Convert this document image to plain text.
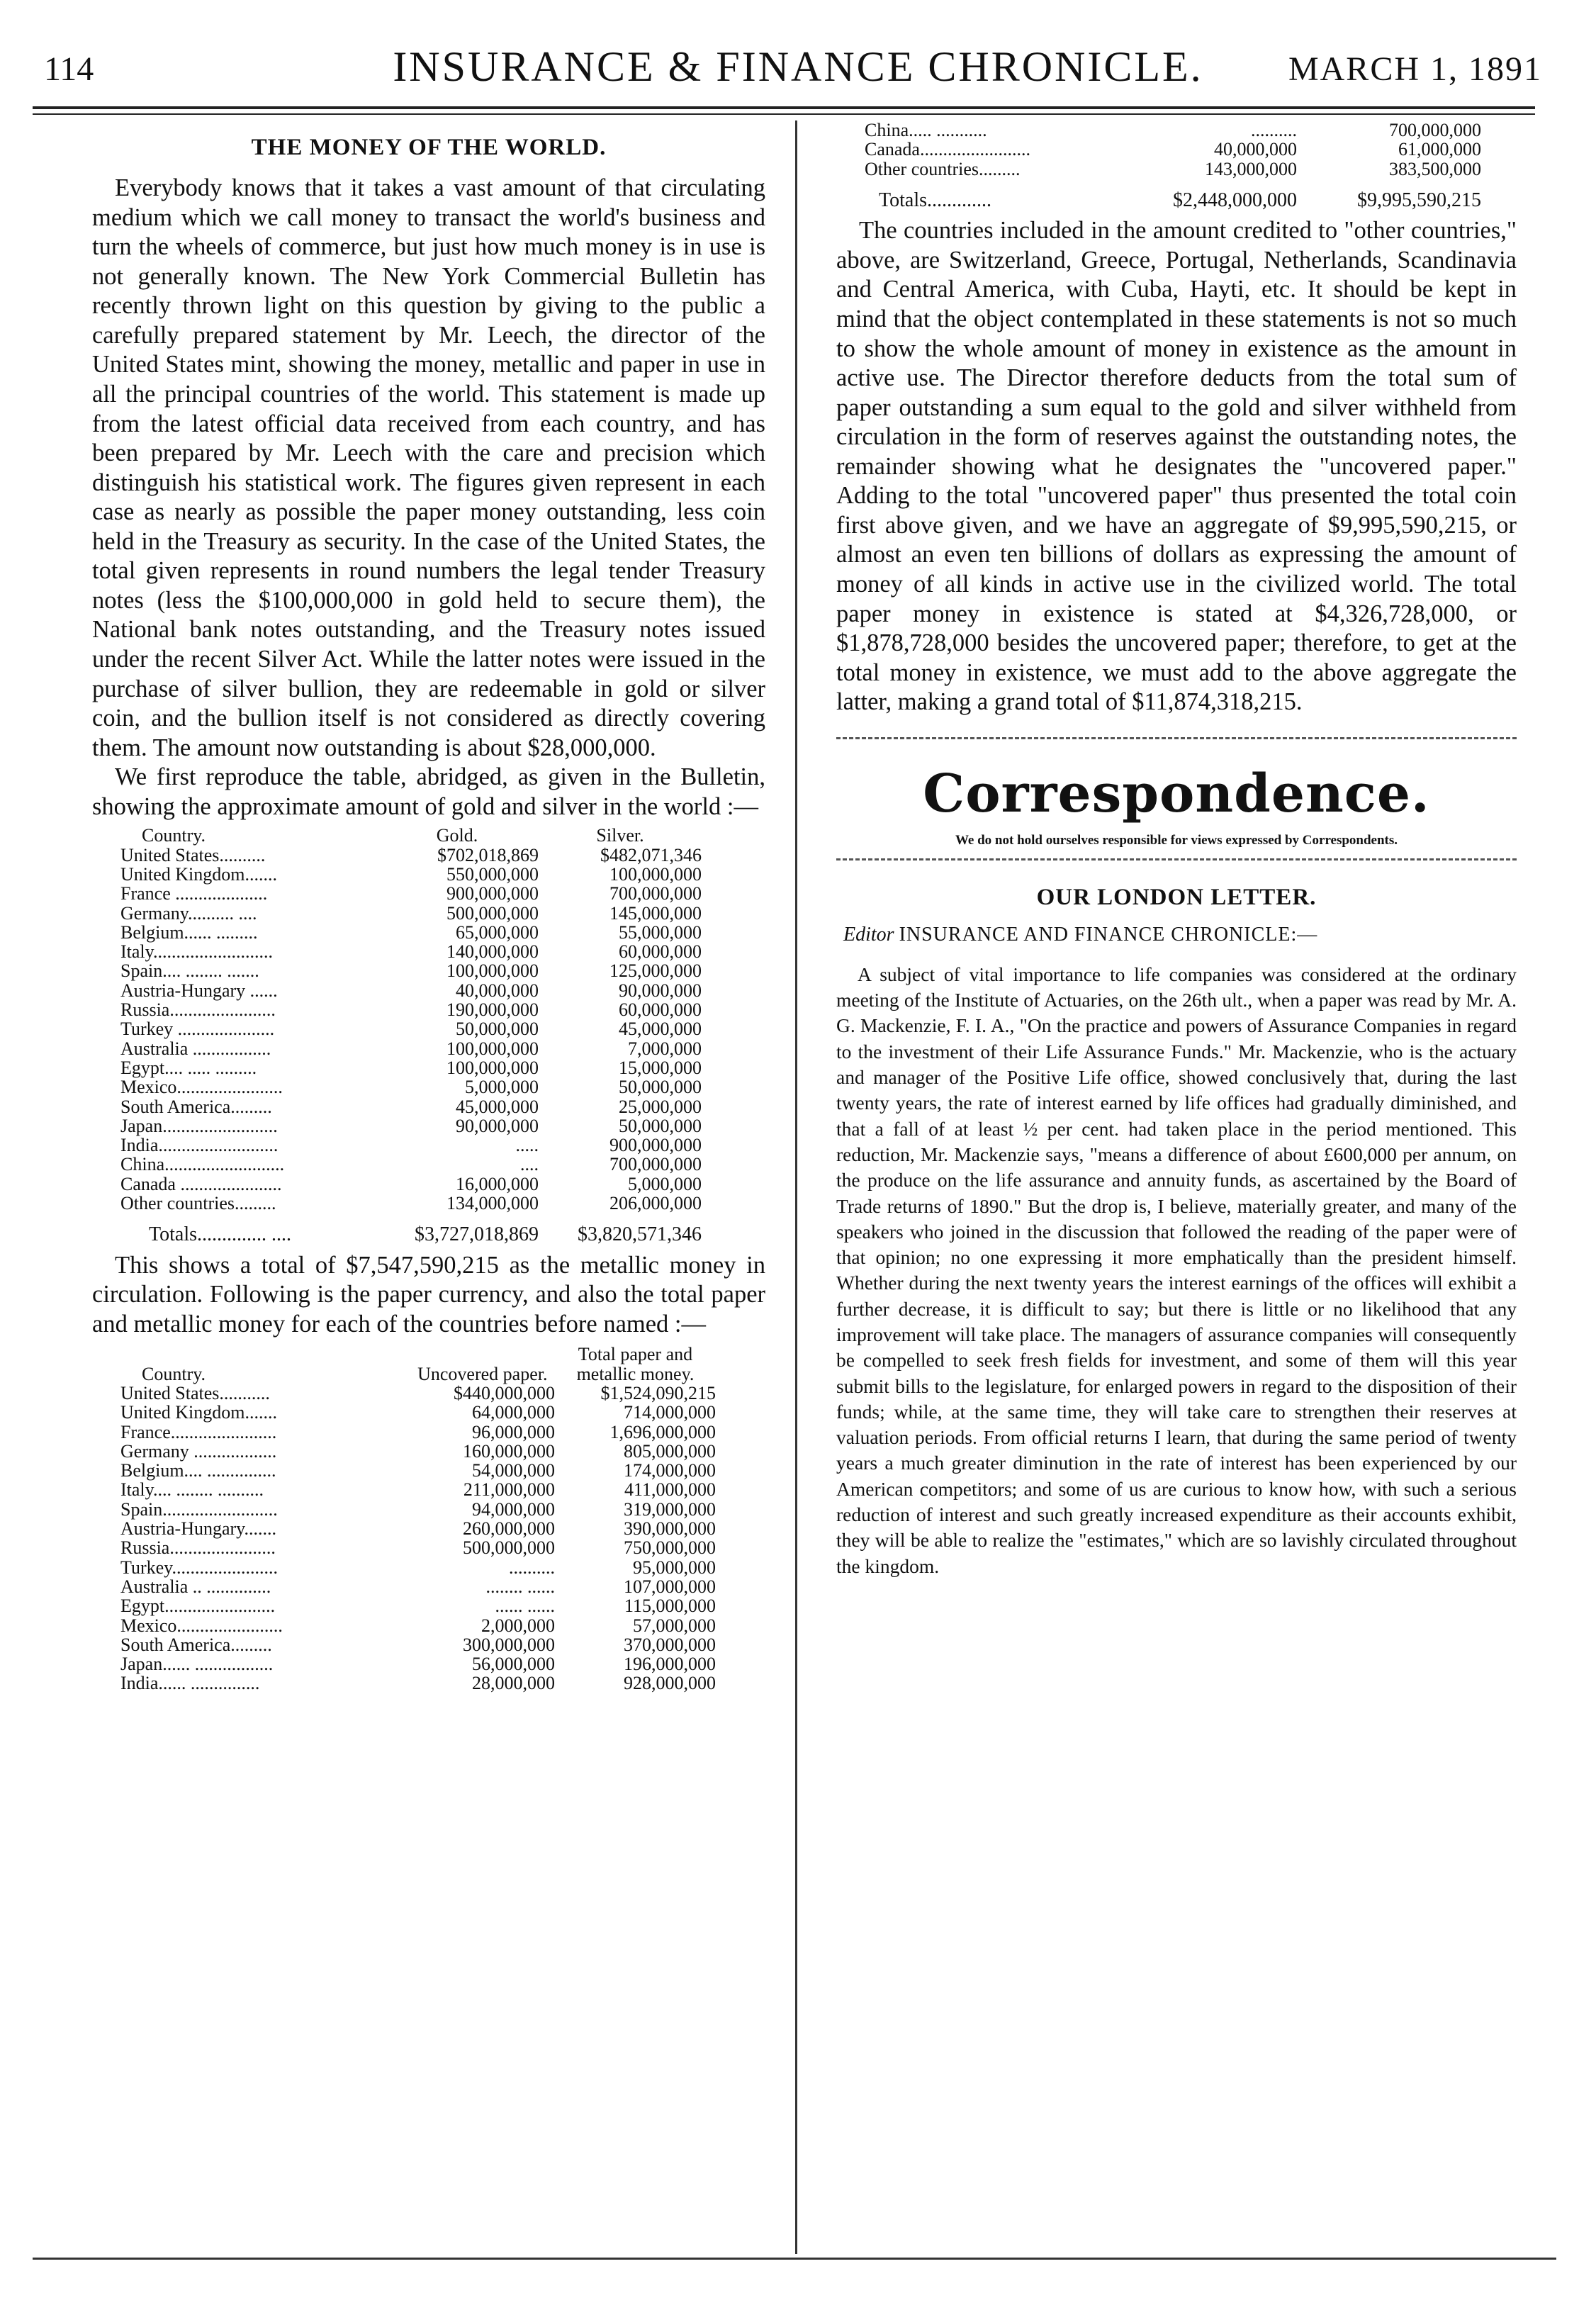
114	INSURANCE & FINANCE CHRONICLE.	MARCH 1, 1891
THE MONEY OF THE WORLD.

Everybody knows that it takes a vast amount of that circulating medium which we call money to transact the world's business and turn the wheels of commerce, but just how much money is in use is not generally known. The New York Commercial Bulletin has recently thrown light on this question by giving to the public a carefully prepared statement by Mr. Leech, the director of the United States mint, showing the money, metallic and paper in use in all the principal countries of the world. This statement is made up from the latest official data received from each country, and has been prepared by Mr. Leech with the care and precision which distinguish his statistical work. The figures given represent in each case as nearly as possible the paper money outstanding, less coin held in the Treasury as security. In the case of the United States, the total given represents in round numbers the legal tender Treasury notes (less the $100,000,000 in gold held to secure them), the National bank notes outstanding, and the Treasury notes issued under the recent Silver Act. While the latter notes were issued in the purchase of silver bullion, they are redeemable in gold or silver coin, and the bullion itself is not considered as directly covering them. The amount now outstanding is about $28,000,000.

We first reproduce the table, abridged, as given in the Bulletin, showing the approximate amount of gold and silver in the world :—

Country.	Gold.	Silver.
United States..........	$702,018,869	$482,071,346
United Kingdom.......	550,000,000	100,000,000
France ....................	900,000,000	700,000,000
Germany.......... ....	500,000,000	145,000,000
Belgium...... .........	65,000,000	55,000,000
Italy..........................	140,000,000	60,000,000
Spain.... ........ .......	100,000,000	125,000,000
Austria-Hungary ......	40,000,000	90,000,000
Russia.......................	190,000,000	60,000,000
Turkey .....................	50,000,000	45,000,000
Australia .................	100,000,000	7,000,000
Egypt.... ..... .........	100,000,000	15,000,000
Mexico.......................	5,000,000	50,000,000
South America.........	45,000,000	25,000,000
Japan.........................	90,000,000	50,000,000
India..........................	.....	900,000,000
China..........................	....	700,000,000
Canada ......................	16,000,000	5,000,000
Other countries.........	134,000,000	206,000,000
Totals.............. ....	$3,727,018,869	$3,820,571,346

This shows a total of $7,547,590,215 as the metallic money in circulation. Following is the paper currency, and also the total paper and metallic money for each of the countries before named :—

Country.	Uncovered paper.	Total paper and metallic money.
United States...........	$440,000,000	$1,524,090,215
United Kingdom.......	64,000,000	714,000,000
France.......................	96,000,000	1,696,000,000
Germany ..................	160,000,000	805,000,000
Belgium.... ...............	54,000,000	174,000,000
Italy.... ........ ..........	211,000,000	411,000,000
Spain.........................	94,000,000	319,000,000
Austria-Hungary.......	260,000,000	390,000,000
Russia.......................	500,000,000	750,000,000
Turkey.......................	..........	95,000,000
Australia .. ..............	........ ......	107,000,000
Egypt........................	...... ......	115,000,000
Mexico.......................	2,000,000	57,000,000
South America.........	300,000,000	370,000,000
Japan...... .................	56,000,000	196,000,000
India...... ...............	28,000,000	928,000,000
China..... ...........	..........	700,000,000
Canada........................	40,000,000	61,000,000
Other countries.........	143,000,000	383,500,000
Totals.............	$2,448,000,000	$9,995,590,215

The countries included in the amount credited to "other countries," above, are Switzerland, Greece, Portugal, Netherlands, Scandinavia and Central America, with Cuba, Hayti, etc. It should be kept in mind that the object contemplated in these statements is not so much to show the whole amount of money in existence as the amount in active use. The Director therefore deducts from the total sum of paper outstanding a sum equal to the gold and silver withheld from circulation in the form of reserves against the outstanding notes, the remainder showing what he designates the "uncovered paper." Adding to the total "uncovered paper" thus presented the total coin first above given, and we have an aggregate of $9,995,590,215, or almost an even ten billions of dollars as expressing the amount of money of all kinds in active use in the civilized world. The total paper money in existence is stated at $4,326,728,000, or $1,878,728,000 besides the uncovered paper; therefore, to get at the total money in existence, we must add to the above aggregate the latter, making a grand total of $11,874,318,215.

Correspondence.
We do not hold ourselves responsible for views expressed by Correspondents.
OUR LONDON LETTER.
Editor INSURANCE AND FINANCE CHRONICLE:—

A subject of vital importance to life companies was considered at the ordinary meeting of the Institute of Actuaries, on the 26th ult., when a paper was read by Mr. A. G. Mackenzie, F. I. A., "On the practice and powers of Assurance Companies in regard to the investment of their Life Assurance Funds." Mr. Mackenzie, who is the actuary and manager of the Positive Life office, showed conclusively that, during the last twenty years, the rate of interest earned by life offices had gradually diminished, and that a fall of at least ½ per cent. had taken place in the period mentioned. This reduction, Mr. Mackenzie says, "means a difference of about £600,000 per annum, on the produce on the life assurance and annuity funds, as ascertained by the Board of Trade returns of 1890." But the drop is, I believe, materially greater, and many of the speakers who joined in the discussion that followed the reading of the paper were of that opinion; no one expressing it more emphatically than the president himself. Whether during the next twenty years the interest earnings of the offices will exhibit a further decrease, it is difficult to say; but there is little or no likelihood that any improvement will take place. The managers of assurance companies will consequently be compelled to seek fresh fields for investment, and some of them will this year submit bills to the legislature, for enlarged powers in regard to the disposition of their funds; while, at the same time, they will take care to strengthen their reserves at valuation periods. From official returns I learn, that during the same period of twenty years a much greater diminution in the rate of interest has been experienced by our American competitors; and some of us are curious to know how, with such a serious reduction of interest and such greatly increased expenditure as their accounts exhibit, they will be able to realize the "estimates," which are so lavishly circulated throughout the kingdom.
